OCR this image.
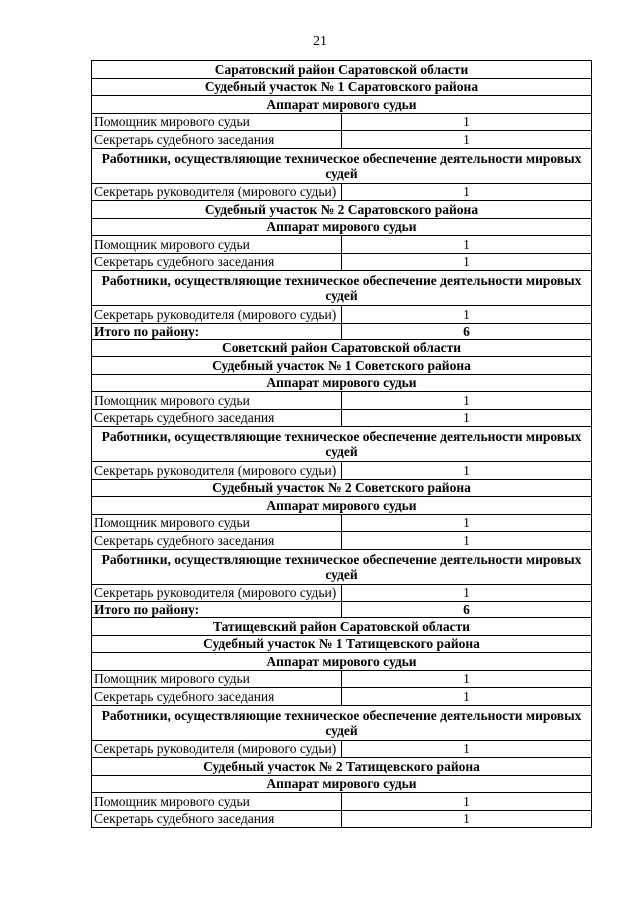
21
Саратовский район Саратовской области	
Судебный участок № 1 Саратовского района	
Аппарат мирового судьи	
Помощник мирового судьи	1
Секретарь судебного заседания	1
Работники, осуществляющие техническое обеспечение деятельности мировых судей	
Секретарь руководителя (мирового судьи)	1
Судебный участок № 2 Саратовского района	
Аппарат мирового судьи	
Помощник мирового судьи	1
Секретарь судебного заседания	1
Работники, осуществляющие техническое обеспечение деятельности мировых судей	
Секретарь руководителя (мирового судьи)	1
Итого по району:	6
Советский район Саратовской области	
Судебный участок № 1 Советского района	
Аппарат мирового судьи	
Помощник мирового судьи	1
Секретарь судебного заседания	1
Работники, осуществляющие техническое обеспечение деятельности мировых судей	
Секретарь руководителя (мирового судьи)	1
Судебный участок № 2 Советского района	
Аппарат мирового судьи	
Помощник мирового судьи	1
Секретарь судебного заседания	1
Работники, осуществляющие техническое обеспечение деятельности мировых судей	
Секретарь руководителя (мирового судьи)	1
Итого по району:	6
Татищевский район Саратовской области	
Судебный участок № 1 Татищевского района	
Аппарат мирового судьи	
Помощник мирового судьи	1
Секретарь судебного заседания	1
Работники, осуществляющие техническое обеспечение деятельности мировых судей	
Секретарь руководителя (мирового судьи)	1
Судебный участок № 2 Татищевского района	
Аппарат мирового судьи	
Помощник мирового судьи	1
Секретарь судебного заседания	1
